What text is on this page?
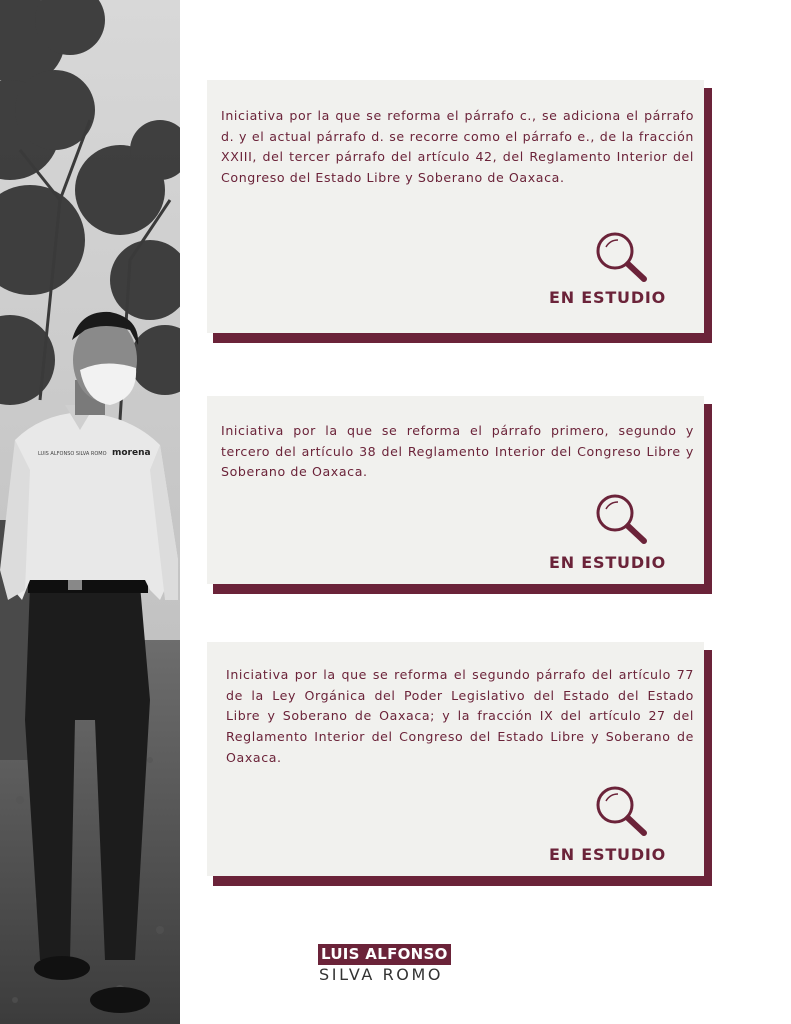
LUIS ALFONSO SILVA ROMO morena
Iniciativa por la que se reforma el párrafo c., se adiciona el párrafo d. y el actual párrafo d. se recorre como el párrafo e., de la fracción XXIII, del tercer párrafo del artículo 42, del Reglamento Interior del Congreso del Estado Libre y Soberano de Oaxaca.
EN ESTUDIO
Iniciativa por la que se reforma el párrafo primero, segundo y tercero del artículo 38 del Reglamento Interior del Congreso Libre y Soberano de Oaxaca.
EN ESTUDIO
Iniciativa por la que se reforma el segundo párrafo del artículo 77 de la Ley Orgánica del Poder Legislativo del Estado del Estado Libre y Soberano de Oaxaca; y la fracción IX del artículo 27 del Reglamento Interior del Congreso del Estado Libre y Soberano de Oaxaca.
EN ESTUDIO
LUIS ALFONSO
SILVA ROMO
